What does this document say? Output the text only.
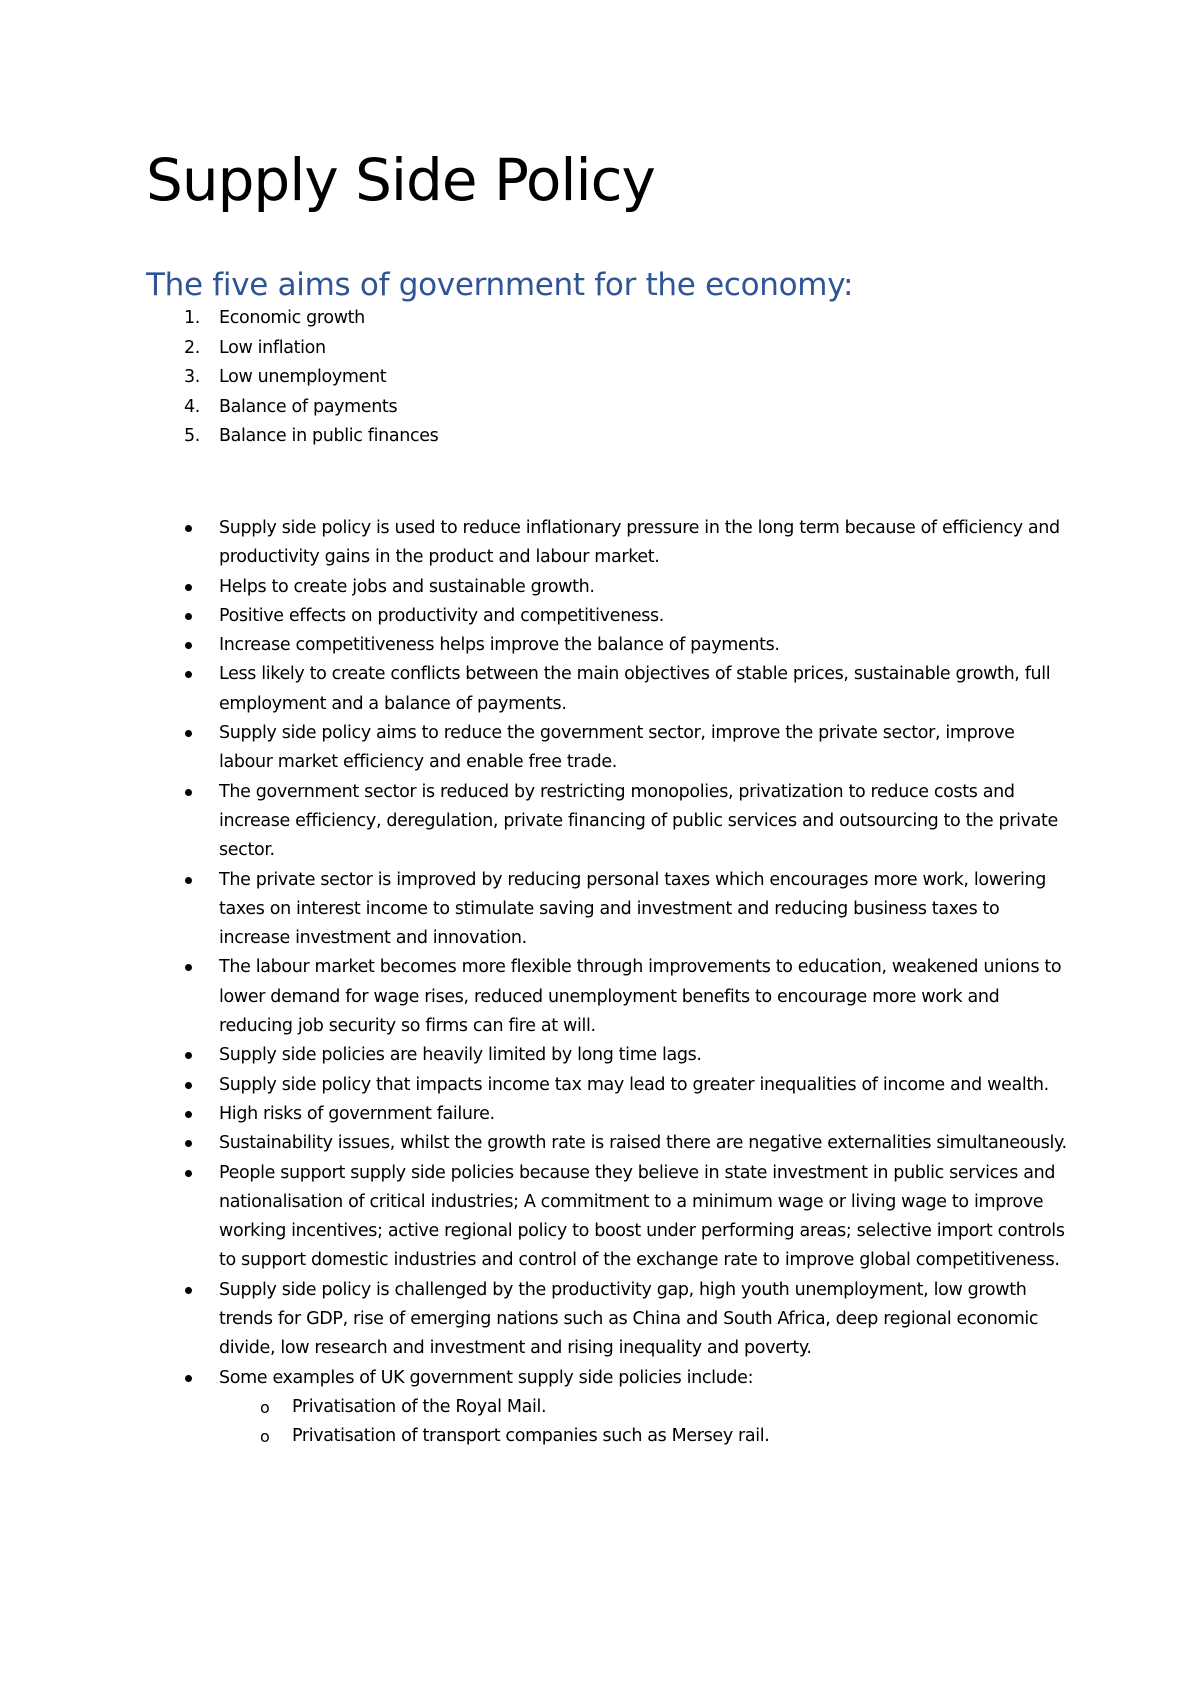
Supply Side Policy
The five aims of government for the economy:
1.	Economic growth
2.	Low inflation
3.	Low unemployment
4.	Balance of payments
5.	Balance in public finances
Supply side policy is used to reduce inflationary pressure in the long term because of efficiency and productivity gains in the product and labour market.
Helps to create jobs and sustainable growth.
Positive effects on productivity and competitiveness.
Increase competitiveness helps improve the balance of payments.
Less likely to create conflicts between the main objectives of stable prices, sustainable growth, full employment and a balance of payments.
Supply side policy aims to reduce the government sector, improve the private sector, improve labour market efficiency and enable free trade.
The government sector is reduced by restricting monopolies, privatization to reduce costs and increase efficiency, deregulation, private financing of public services and outsourcing to the private sector.
The private sector is improved by reducing personal taxes which encourages more work, lowering taxes on interest income to stimulate saving and investment and reducing business taxes to increase investment and innovation.
The labour market becomes more flexible through improvements to education, weakened unions to lower demand for wage rises, reduced unemployment benefits to encourage more work and reducing job security so firms can fire at will.
Supply side policies are heavily limited by long time lags.
Supply side policy that impacts income tax may lead to greater inequalities of income and wealth.
High risks of government failure.
Sustainability issues, whilst the growth rate is raised there are negative externalities simultaneously.
People support supply side policies because they believe in state investment in public services and nationalisation of critical industries; A commitment to a minimum wage or living wage to improve working incentives; active regional policy to boost under performing areas; selective import controls to support domestic industries and control of the exchange rate to improve global competitiveness.
Supply side policy is challenged by the productivity gap, high youth unemployment, low growth trends for GDP, rise of emerging nations such as China and South Africa, deep regional economic divide, low research and investment and rising inequality and poverty.
Some examples of UK government supply side policies include:
o Privatisation of the Royal Mail.
o Privatisation of transport companies such as Mersey rail.
